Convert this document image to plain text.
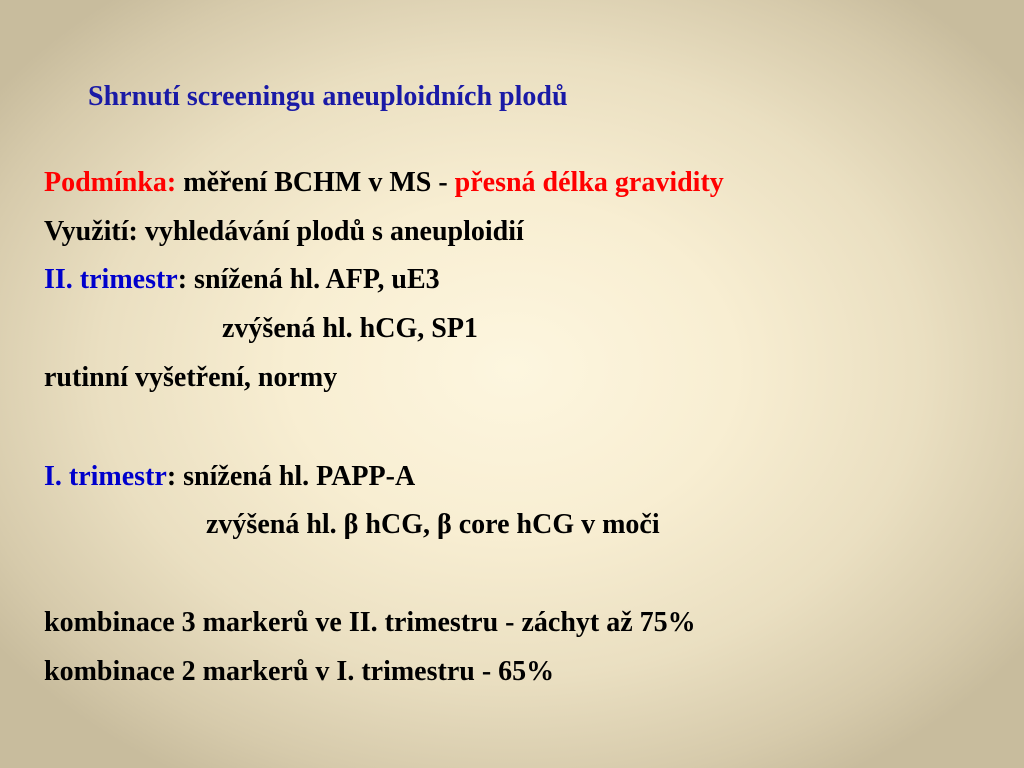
Shrnutí screeningu aneuploidních plodů
Podmínka: měření BCHM v MS - přesná délka gravidity
Využití: vyhledávání plodů s aneuploidií
II. trimestr: snížená hl. AFP, uE3
zvýšená hl. hCG, SP1
rutinní vyšetření, normy
I. trimestr: snížená hl. PAPP-A
zvýšená hl. β hCG, β core hCG v moči
kombinace 3 markerů ve II. trimestru - záchyt až 75%
kombinace 2 markerů v I. trimestru - 65%
